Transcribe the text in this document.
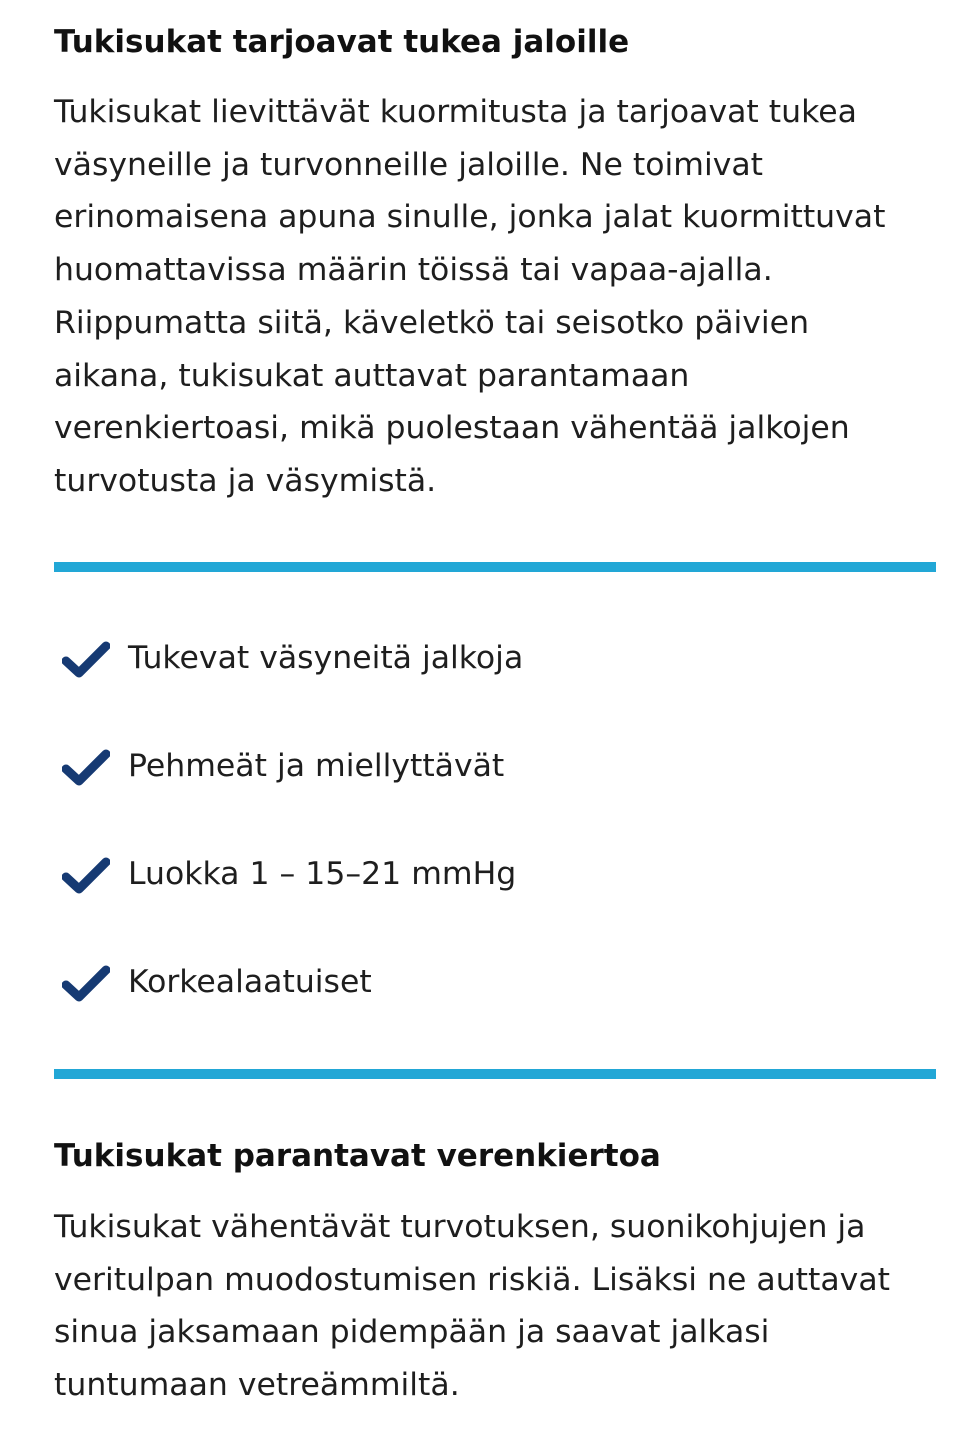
Tukisukat tarjoavat tukea jaloille

Tukisukat lievittävät kuormitusta ja tarjoavat tukea väsyneille ja turvonneille jaloille. Ne toimivat erinomaisena apuna sinulle, jonka jalat kuormittuvat huomattavissa määrin töissä tai vapaa-ajalla. Riippumatta siitä, käveletkö tai seisotko päivien aikana, tukisukat auttavat parantamaan verenkiertoasi, mikä puolestaan vähentää jalkojen turvotusta ja väsymistä.

Tukevat väsyneitä jalkoja
Pehmeät ja miellyttävät
Luokka 1 – 15–21 mmHg
Korkealaatuiset
Tukisukat parantavat verenkiertoa

Tukisukat vähentävät turvotuksen, suonikohjujen ja veritulpan muodostumisen riskiä. Lisäksi ne auttavat sinua jaksamaan pidempään ja saavat jalkasi tuntumaan vetreämmiltä.
